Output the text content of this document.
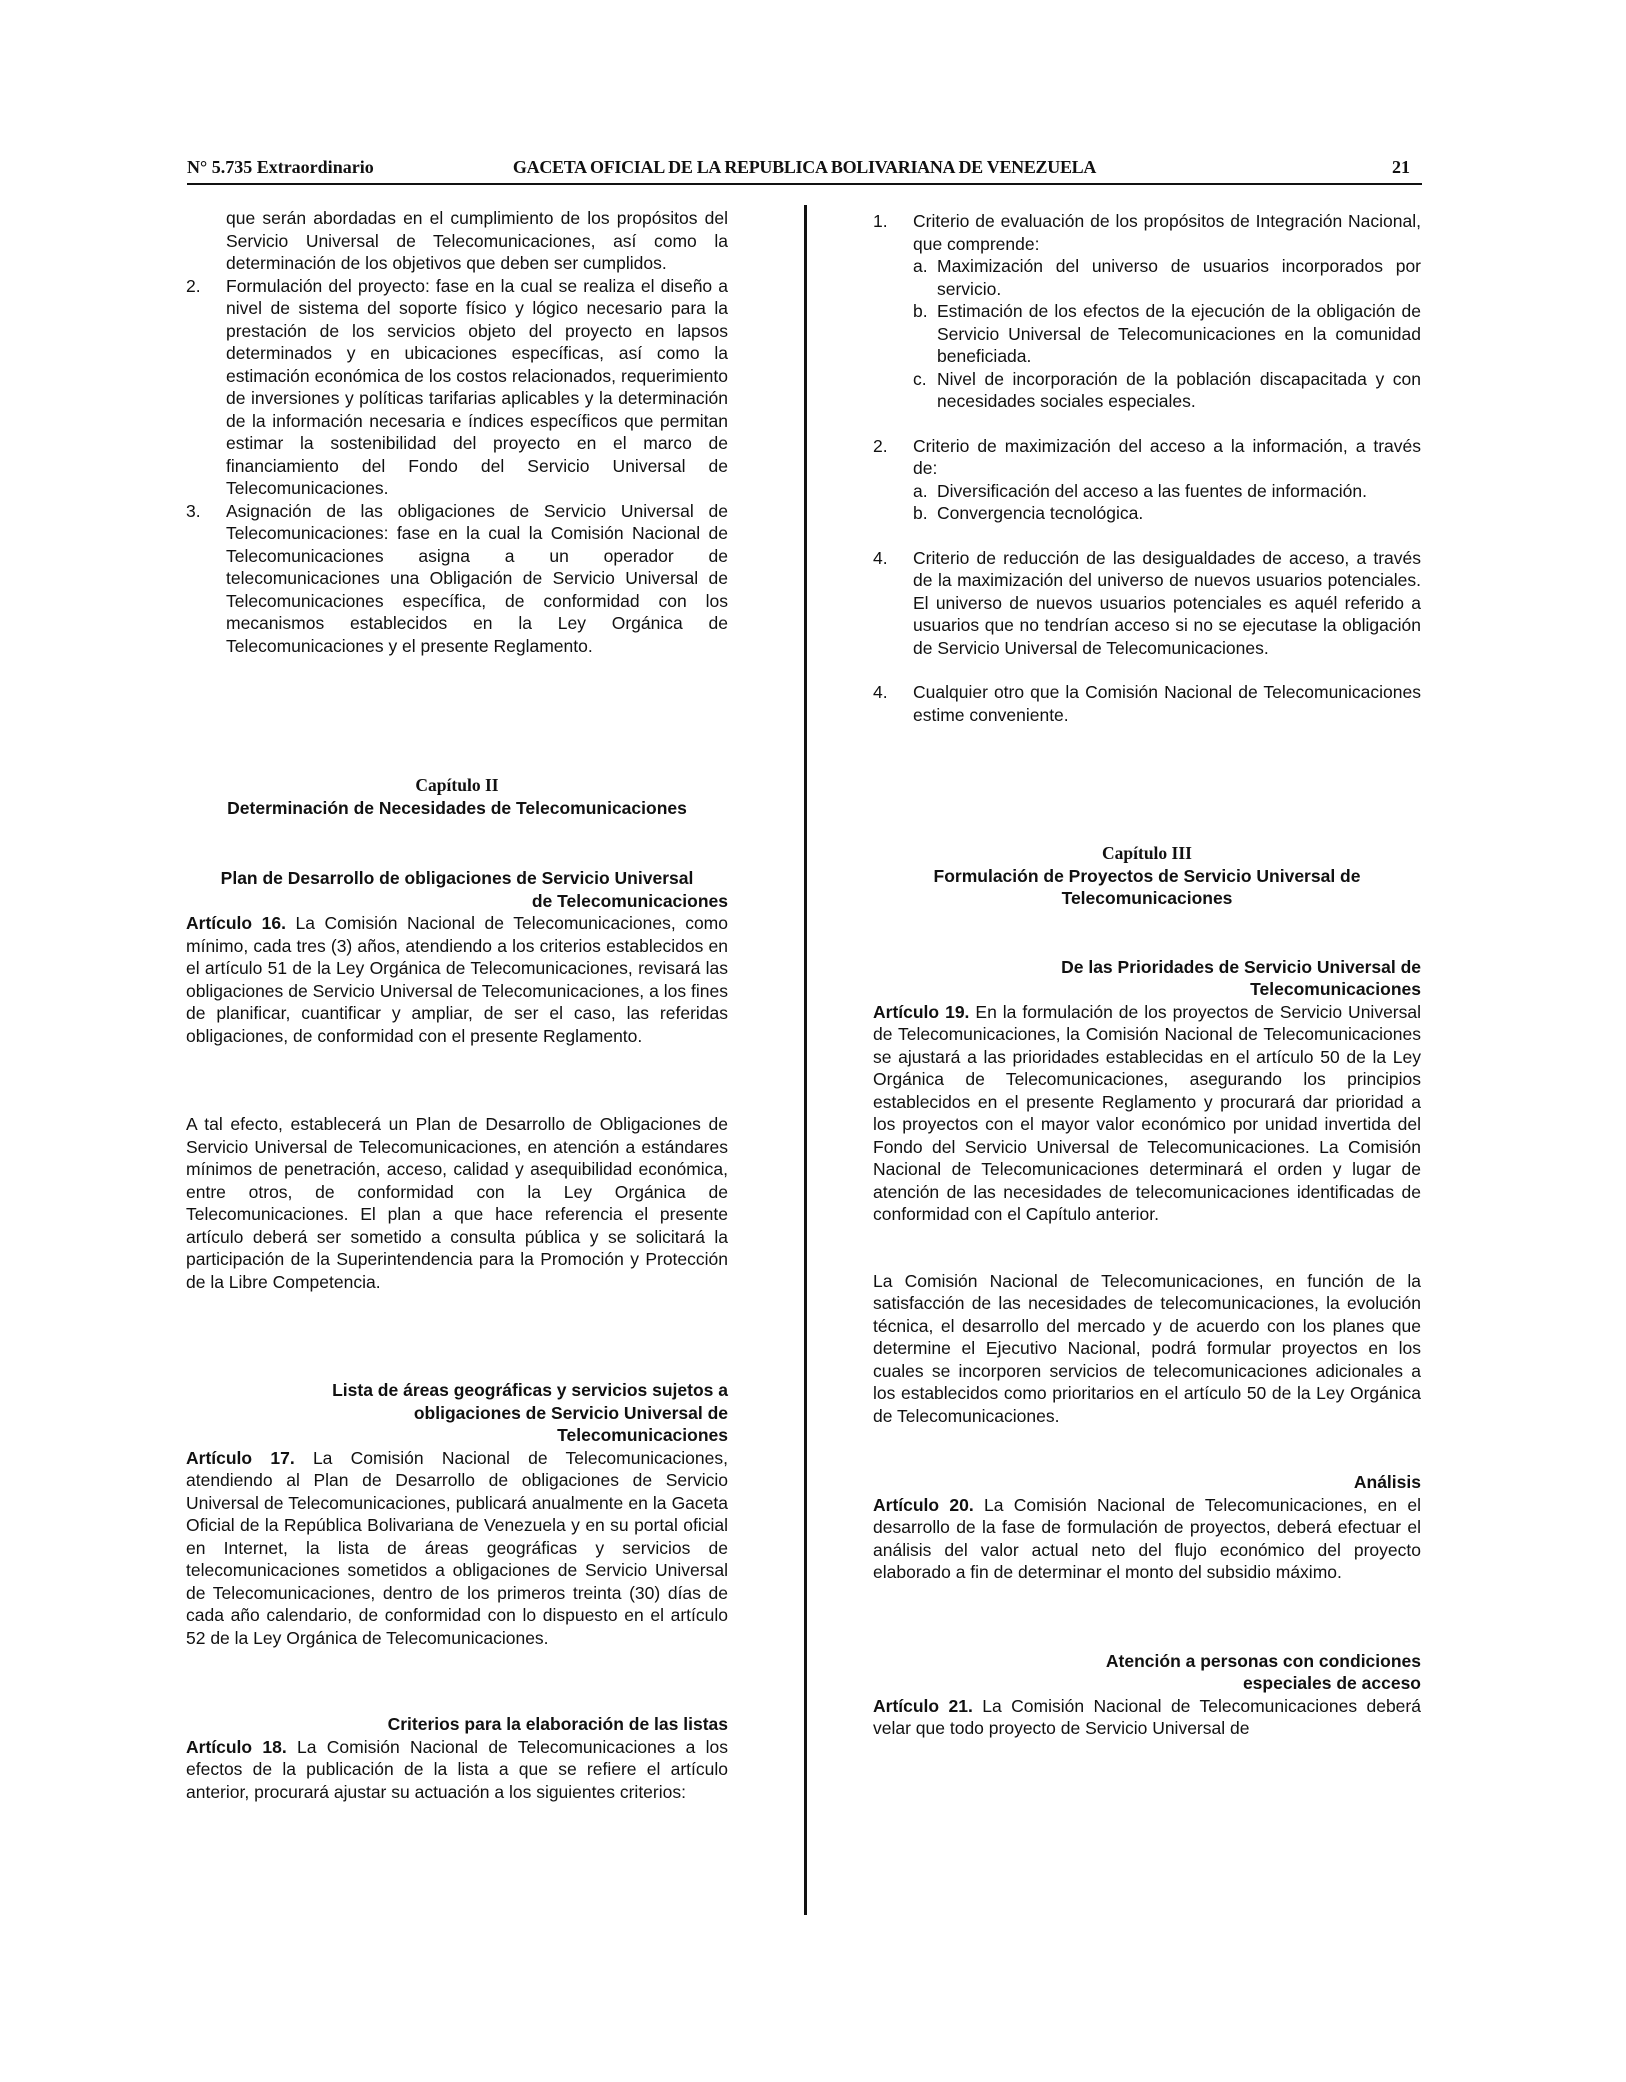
N° 5.735 Extraordinario	GACETA OFICIAL DE LA REPUBLICA BOLIVARIANA DE VENEZUELA	21

que serán abordadas en el cumplimiento de los propósitos del Servicio Universal de Telecomunicaciones, así como la determinación de los objetivos que deben ser cumplidos.

2.	Formulación del proyecto: fase en la cual se realiza el diseño a nivel de sistema del soporte físico y lógico necesario para la prestación de los servicios objeto del proyecto en lapsos determinados y en ubicaciones específicas, así como la estimación económica de los costos relacionados, requerimiento de inversiones y políticas tarifarias aplicables y la determinación de la información necesaria e índices específicos que permitan estimar la sostenibilidad del proyecto en el marco de financiamiento del Fondo del Servicio Universal de Telecomunicaciones.
3.	Asignación de las obligaciones de Servicio Universal de Telecomunicaciones: fase en la cual la Comisión Nacional de Telecomunicaciones asigna a un operador de telecomunicaciones una Obligación de Servicio Universal de Telecomunicaciones específica, de conformidad con los mecanismos establecidos en la Ley Orgánica de Telecomunicaciones y el presente Reglamento.

Capítulo II

Determinación de Necesidades de Telecomunicaciones

Plan de Desarrollo de obligaciones de Servicio Universal

de Telecomunicaciones

Artículo 16. La Comisión Nacional de Telecomunicaciones, como mínimo, cada tres (3) años, atendiendo a los criterios establecidos en el artículo 51 de la Ley Orgánica de Telecomunicaciones, revisará las obligaciones de Servicio Universal de Telecomunicaciones, a los fines de planificar, cuantificar y ampliar, de ser el caso, las referidas obligaciones, de conformidad con el presente Reglamento.

A tal efecto, establecerá un Plan de Desarrollo de Obligaciones de Servicio Universal de Telecomunicaciones, en atención a estándares mínimos de penetración, acceso, calidad y asequibilidad económica, entre otros, de conformidad con la Ley Orgánica de Telecomunicaciones. El plan a que hace referencia el presente artículo deberá ser sometido a consulta pública y se solicitará la participación de la Superintendencia para la Promoción y Protección de la Libre Competencia.

Lista de áreas geográficas y servicios sujetos a

obligaciones de Servicio Universal de

Telecomunicaciones

Artículo 17. La Comisión Nacional de Telecomunicaciones, atendiendo al Plan de Desarrollo de obligaciones de Servicio Universal de Telecomunicaciones, publicará anualmente en la Gaceta Oficial de la República Bolivariana de Venezuela y en su portal oficial en Internet, la lista de áreas geográficas y servicios de telecomunicaciones sometidos a obligaciones de Servicio Universal de Telecomunicaciones, dentro de los primeros treinta (30) días de cada año calendario, de conformidad con lo dispuesto en el artículo 52 de la Ley Orgánica de Telecomunicaciones.

Criterios para la elaboración de las listas

Artículo 18. La Comisión Nacional de Telecomunicaciones a los efectos de la publicación de la lista a que se refiere el artículo anterior, procurará ajustar su actuación a los siguientes criterios:

1.	Criterio de evaluación de los propósitos de Integración Nacional, que comprende:
a. Maximización del universo de usuarios incorporados por servicio.
b. Estimación de los efectos de la ejecución de la obligación de Servicio Universal de Telecomunicaciones en la comunidad beneficiada.
c. Nivel de incorporación de la población discapacitada y con necesidades sociales especiales.
2.	Criterio de maximización del acceso a la información, a través de:
a. Diversificación del acceso a las fuentes de información.
b. Convergencia tecnológica.
4.	Criterio de reducción de las desigualdades de acceso, a través de la maximización del universo de nuevos usuarios potenciales. El universo de nuevos usuarios potenciales es aquél referido a usuarios que no tendrían acceso si no se ejecutase la obligación de Servicio Universal de Telecomunicaciones.
4.	Cualquier otro que la Comisión Nacional de Telecomunicaciones estime conveniente.

Capítulo III

Formulación de Proyectos de Servicio Universal de

Telecomunicaciones

De las Prioridades de Servicio Universal de

Telecomunicaciones

Artículo 19. En la formulación de los proyectos de Servicio Universal de Telecomunicaciones, la Comisión Nacional de Telecomunicaciones se ajustará a las prioridades establecidas en el artículo 50 de la Ley Orgánica de Telecomunicaciones, asegurando los principios establecidos en el presente Reglamento y procurará dar prioridad a los proyectos con el mayor valor económico por unidad invertida del Fondo del Servicio Universal de Telecomunicaciones. La Comisión Nacional de Telecomunicaciones determinará el orden y lugar de atención de las necesidades de telecomunicaciones identificadas de conformidad con el Capítulo anterior.

La Comisión Nacional de Telecomunicaciones, en función de la satisfacción de las necesidades de telecomunicaciones, la evolución técnica, el desarrollo del mercado y de acuerdo con los planes que determine el Ejecutivo Nacional, podrá formular proyectos en los cuales se incorporen servicios de telecomunicaciones adicionales a los establecidos como prioritarios en el artículo 50 de la Ley Orgánica de Telecomunicaciones.

Análisis

Artículo 20. La Comisión Nacional de Telecomunicaciones, en el desarrollo de la fase de formulación de proyectos, deberá efectuar el análisis del valor actual neto del flujo económico del proyecto elaborado a fin de determinar el monto del subsidio máximo.

Atención a personas con condiciones

especiales de acceso

Artículo 21. La Comisión Nacional de Telecomunicaciones deberá velar que todo proyecto de Servicio Universal de
